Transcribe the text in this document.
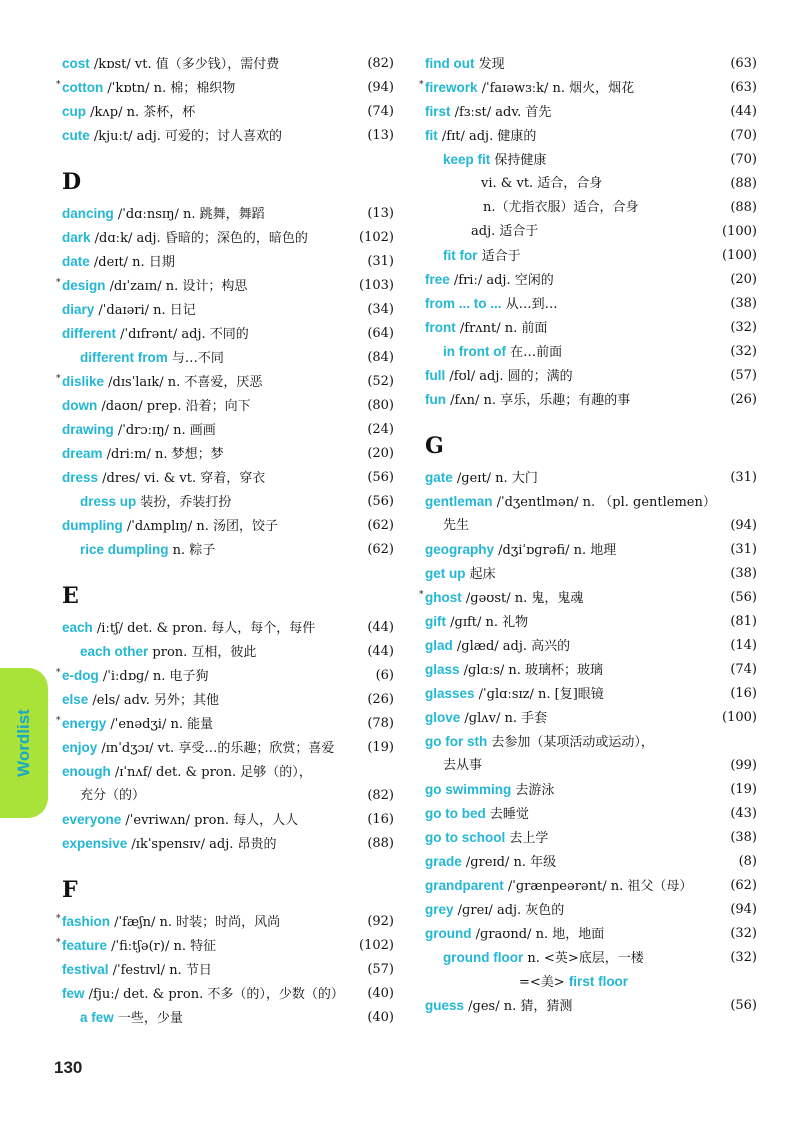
cost /kɒst/ vt. 值（多少钱），需付费	(82)
* cotton /ˈkɒtn/ n. 棉；棉织物	(94)
cup /kʌp/ n. 茶杯，杯	(74)
cute /kjuːt/ adj. 可爱的；讨人喜欢的	(13)
D
dancing /ˈdɑːnsɪŋ/ n. 跳舞，舞蹈	(13)
dark /dɑːk/ adj. 昏暗的；深色的，暗色的	(102)
date /deɪt/ n. 日期	(31)
* design /dɪˈzaɪn/ n. 设计；构思	(103)
diary /ˈdaɪəri/ n. 日记	(34)
different /ˈdɪfrənt/ adj. 不同的	(64)
different from 与…不同	(84)
* dislike /dɪsˈlaɪk/ n. 不喜爱，厌恶	(52)
down /daʊn/ prep. 沿着；向下	(80)
drawing /ˈdrɔːɪŋ/ n. 画画	(24)
dream /driːm/ n. 梦想；梦	(20)
dress /dres/ vi. & vt. 穿着，穿衣	(56)
dress up 装扮，乔装打扮	(56)
dumpling /ˈdʌmplɪŋ/ n. 汤团，饺子	(62)
rice dumpling n. 粽子	(62)
E
each /iːtʃ/ det. & pron. 每人，每个，每件	(44)
each other pron. 互相，彼此	(44)
* e-dog /ˈiːdɒɡ/ n. 电子狗	(6)
else /els/ adv. 另外；其他	(26)
* energy /ˈenədʒi/ n. 能量	(78)
enjoy /ɪnˈdʒɔɪ/ vt. 享受…的乐趣；欣赏；喜爱	(19)
enough /ɪˈnʌf/ det. & pron. 足够（的），
充分（的）	(82)
everyone /ˈevriwʌn/ pron. 每人，人人	(16)
expensive /ɪkˈspensɪv/ adj. 昂贵的	(88)
F
* fashion /ˈfæʃn/ n. 时装；时尚，风尚	(92)
* feature /ˈfiːtʃə(r)/ n. 特征	(102)
festival /ˈfestɪvl/ n. 节日	(57)
few /fjuː/ det. & pron. 不多（的），少数（的） (40)
a few 一些，少量	(40)
find out 发现	(63)
* firework /ˈfaɪəwɜːk/ n. 烟火，烟花	(63)
first /fɜːst/ adv. 首先	(44)
fit /fɪt/ adj. 健康的	(70)
keep fit 保持健康	(70)
vi. & vt. 适合，合身	(88)
n.（尤指衣服）适合，合身	(88)
adj. 适合于	(100)
fit for 适合于	(100)
free /friː/ adj. 空闲的	(20)
from ... to ... 从…到…	(38)
front /frʌnt/ n. 前面	(32)
in front of 在…前面	(32)
full /fʊl/ adj. 圆的；满的	(57)
fun /fʌn/ n. 享乐，乐趣；有趣的事	(26)
G
gate /ɡeɪt/ n. 大门	(31)
gentleman /ˈdʒentlmən/ n. （pl. gentlemen）
先生	(94)
geography /dʒiˈɒɡrəfi/ n. 地理	(31)
get up 起床	(38)
* ghost /ɡəʊst/ n. 鬼，鬼魂	(56)
gift /ɡɪft/ n. 礼物	(81)
glad /ɡlæd/ adj. 高兴的	(14)
glass /ɡlɑːs/ n. 玻璃杯；玻璃	(74)
glasses /ˈɡlɑːsɪz/ n. [复]眼镜	(16)
glove /ɡlʌv/ n. 手套	(100)
go for sth 去参加（某项活动或运动），
去从事	(99)
go swimming 去游泳	(19)
go to bed 去睡觉	(43)
go to school 去上学	(38)
grade /ɡreɪd/ n. 年级	(8)
grandparent /ˈɡrænpeərənt/ n. 祖父（母）	(62)
grey /ɡreɪ/ adj. 灰色的	(94)
ground /ɡraʊnd/ n. 地，地面	(32)
ground floor n. <英>底层，一楼	(32)
=<美> first floor
guess /ɡes/ n. 猜，猜测	(56)
Wordlist
130
